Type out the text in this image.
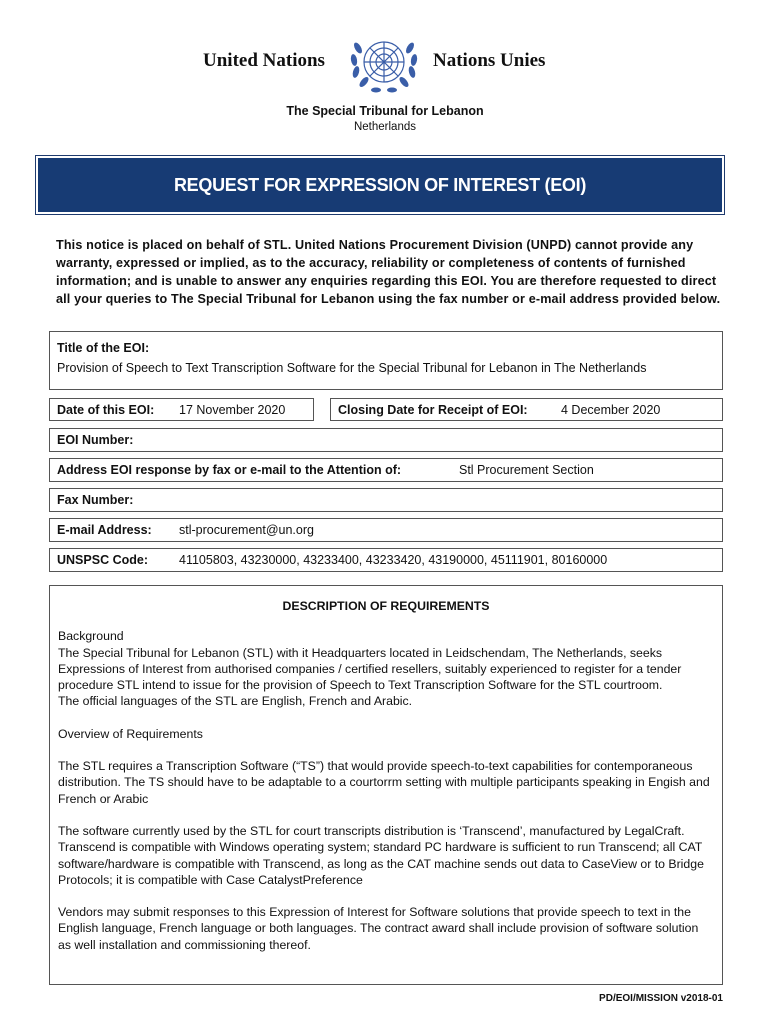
United Nations	Nations Unies
The Special Tribunal for Lebanon
Netherlands
REQUEST FOR EXPRESSION OF INTEREST (EOI)
This notice is placed on behalf of STL. United Nations Procurement Division (UNPD) cannot provide any warranty, expressed or implied, as to the accuracy, reliability or completeness of contents of furnished information; and is unable to answer any enquiries regarding this EOI. You are therefore requested to direct all your queries to The Special Tribunal for Lebanon using the fax number or e-mail address provided below.
Title of the EOI:
Provision of Speech to Text Transcription Software for the Special Tribunal for Lebanon in The Netherlands
Date of this EOI:	17 November 2020	Closing Date for Receipt of EOI:	4 December 2020
EOI Number:
Address EOI response by fax or e-mail to the Attention of:	Stl Procurement Section
Fax Number:
E-mail Address:	stl-procurement@un.org
UNSPSC Code:	41105803, 43230000, 43233400, 43233420, 43190000, 45111901, 80160000
DESCRIPTION OF REQUIREMENTS
Background
The Special Tribunal for Lebanon (STL) with it Headquarters located in Leidschendam, The Netherlands, seeks Expressions of Interest from authorised companies / certified resellers, suitably experienced to register for a tender procedure STL intend to issue for the provision of Speech to Text Transcription Software for the STL courtroom.
The official languages of the STL are English, French and Arabic.
Overview of Requirements
The STL requires a Transcription Software (“TS”) that would provide speech-to-text capabilities for contemporaneous distribution. The TS should have to be adaptable to a courtorrm setting with multiple participants speaking in Engish and French or Arabic
The software currently used by the STL for court transcripts distribution is ‘Transcend’, manufactured by LegalCraft. Transcend is compatible with Windows operating system; standard PC hardware is sufficient to run Transcend; all CAT software/hardware is compatible with Transcend, as long as the CAT machine sends out data to CaseView or to Bridge Protocols; it is compatible with Case CatalystPreference
Vendors may submit responses to this Expression of Interest for Software solutions that provide speech to text in the English language, French language or both languages. The contract award shall include provision of software solution as well installation and commissioning thereof.
PD/EOI/MISSION v2018-01
